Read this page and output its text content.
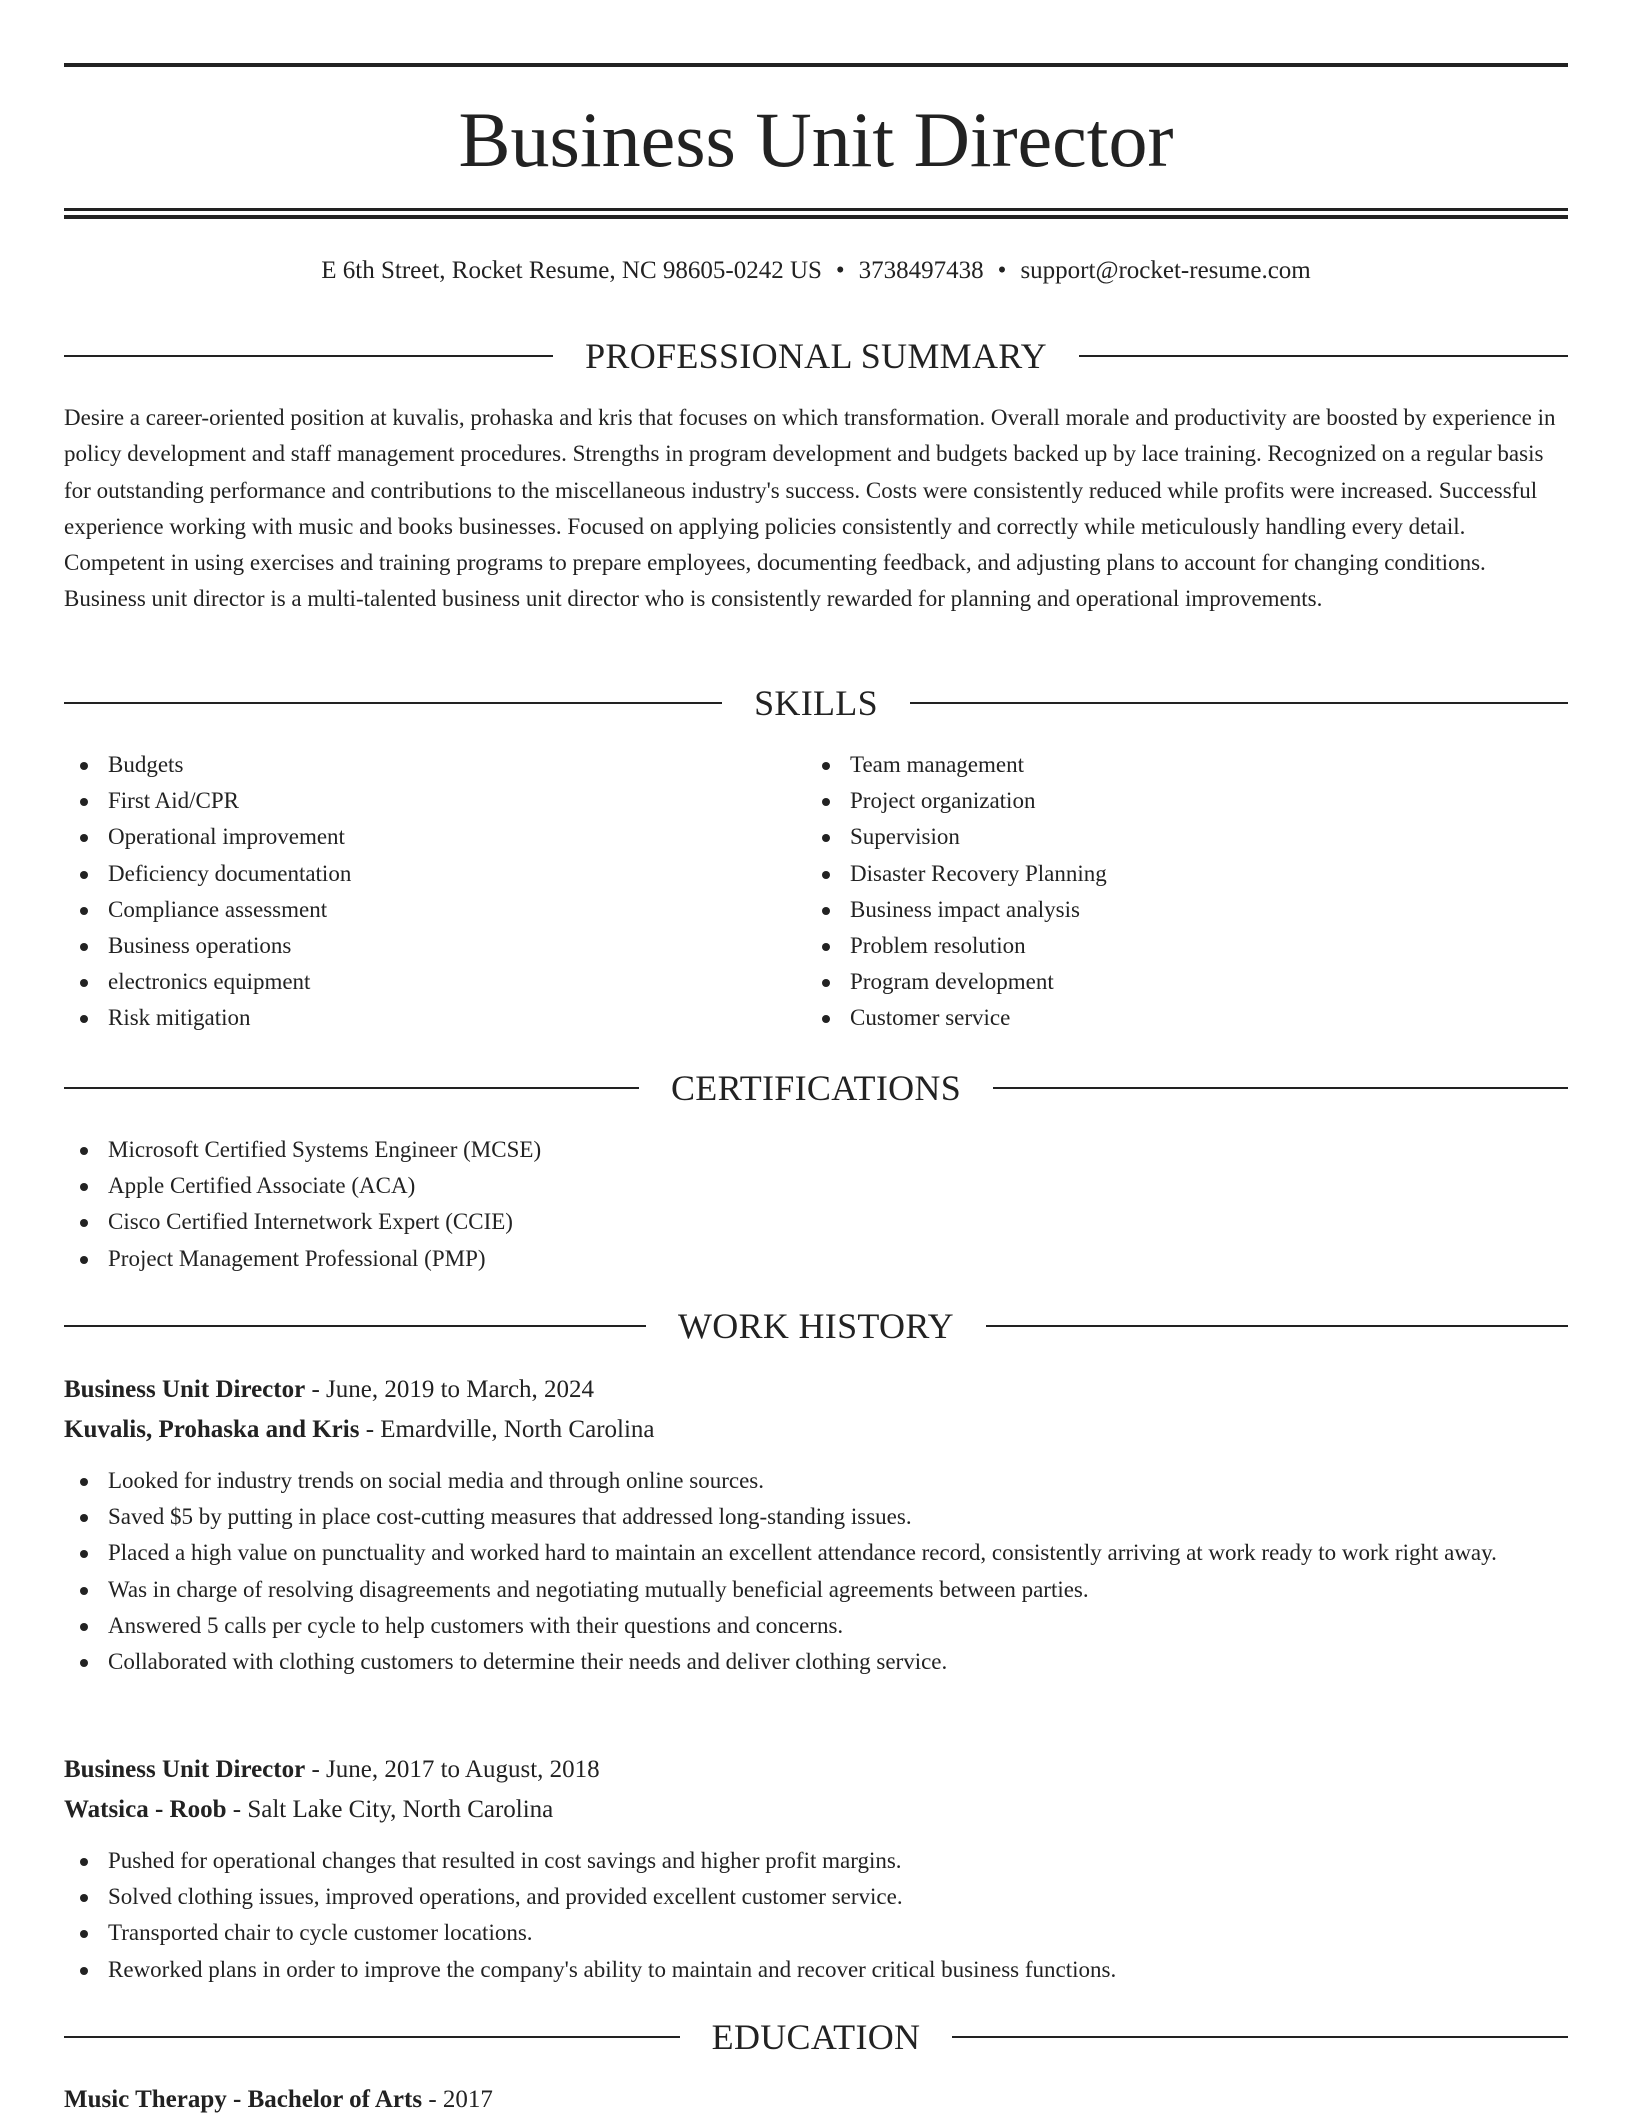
Business Unit Director
E 6th Street, Rocket Resume, NC 98605-0242 US • 3738497438 • support@rocket-resume.com
PROFESSIONAL SUMMARY
Desire a career-oriented position at kuvalis, prohaska and kris that focuses on which transformation. Overall morale and productivity are boosted by experience in policy development and staff management procedures. Strengths in program development and budgets backed up by lace training. Recognized on a regular basis for outstanding performance and contributions to the miscellaneous industry's success. Costs were consistently reduced while profits were increased. Successful experience working with music and books businesses. Focused on applying policies consistently and correctly while meticulously handling every detail. Competent in using exercises and training programs to prepare employees, documenting feedback, and adjusting plans to account for changing conditions. Business unit director is a multi-talented business unit director who is consistently rewarded for planning and operational improvements.
SKILLS
Budgets
First Aid/CPR
Operational improvement
Deficiency documentation
Compliance assessment
Business operations
electronics equipment
Risk mitigation
Team management
Project organization
Supervision
Disaster Recovery Planning
Business impact analysis
Problem resolution
Program development
Customer service
CERTIFICATIONS
Microsoft Certified Systems Engineer (MCSE)
Apple Certified Associate (ACA)
Cisco Certified Internetwork Expert (CCIE)
Project Management Professional (PMP)
WORK HISTORY
Business Unit Director - June, 2019 to March, 2024
Kuvalis, Prohaska and Kris - Emardville, North Carolina
Looked for industry trends on social media and through online sources.
Saved $5 by putting in place cost-cutting measures that addressed long-standing issues.
Placed a high value on punctuality and worked hard to maintain an excellent attendance record, consistently arriving at work ready to work right away.
Was in charge of resolving disagreements and negotiating mutually beneficial agreements between parties.
Answered 5 calls per cycle to help customers with their questions and concerns.
Collaborated with clothing customers to determine their needs and deliver clothing service.
Business Unit Director - June, 2017 to August, 2018
Watsica - Roob - Salt Lake City, North Carolina
Pushed for operational changes that resulted in cost savings and higher profit margins.
Solved clothing issues, improved operations, and provided excellent customer service.
Transported chair to cycle customer locations.
Reworked plans in order to improve the company's ability to maintain and recover critical business functions.
EDUCATION
Music Therapy - Bachelor of Arts - 2017
